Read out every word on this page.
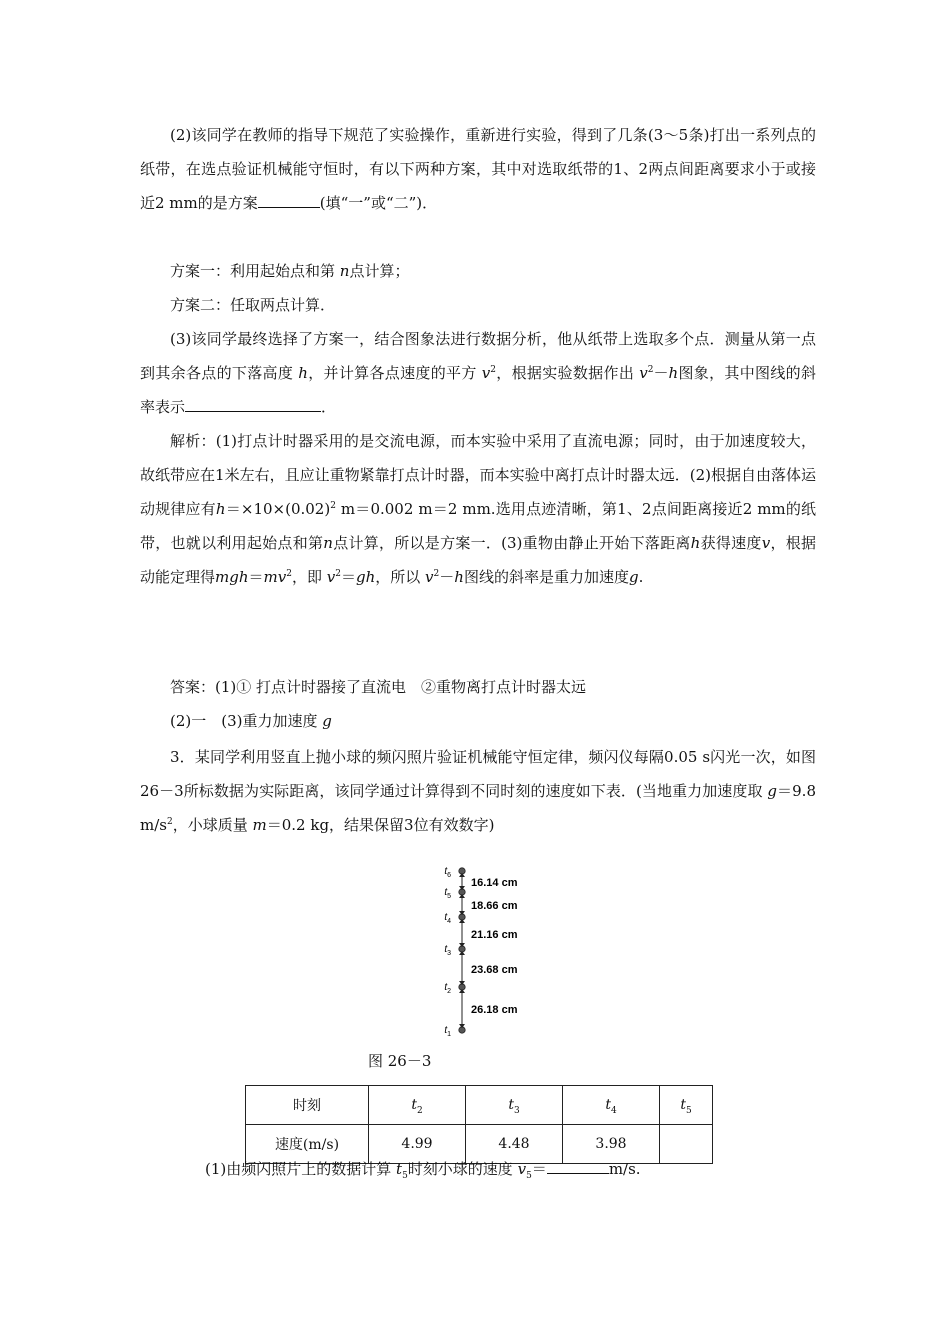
(2)该同学在教师的指导下规范了实验操作，重新进行实验，得到了几条(3～5条)打出一系列点的纸带，在选点验证机械能守恒时，有以下两种方案，其中对选取纸带的1、2两点间距离要求小于或接近2 mm的是方案	(填“一”或“二”)．

方案一：利用起始点和第 n点计算；

方案二：任取两点计算．

(3)该同学最终选择了方案一，结合图象法进行数据分析，他从纸带上选取多个点．测量从第一点到其余各点的下落高度 h，并计算各点速度的平方 $v^2$，根据实验数据作出 $v^2-h$图象，其中图线的斜率表示	．

解析：(1)打点计时器采用的是交流电源，而本实验中采用了直流电源；同时，由于加速度较大，故纸带应在1米左右，且应让重物紧靠打点计时器，而本实验中离打点计时器太远．(2)根据自由落体运动规律应有$h=\times 10\times(0.02)^2$ m＝0.002 m＝2 mm.选用点迹清晰，第1、2点间距离接近2 mm的纸带，也就以利用起始点和第n点计算，所以是方案一．(3)重物由静止开始下落距离h获得速度v，根据动能定理得$mgh=mv^2$，即 $v^2=gh$，所以 $v^2-h$图线的斜率是重力加速度g.

答案：(1)① 打点计时器接了直流电　②重物离打点计时器太远

(2)一　(3)重力加速度 g

3．某同学利用竖直上抛小球的频闪照片验证机械能守恒定律，频闪仪每隔0.05 s闪光一次，如图26－3所标数据为实际距离，该同学通过计算得到不同时刻的速度如下表．(当地重力加速度取 g＝9.8 $m/s^2$，小球质量 m＝0.2 kg，结果保留3位有效数字)

$t_6$
$t_5$
$t_4$
$t_3$
$t_2$
$t_1$
16.14 cm
18.66 cm
21.16 cm
23.68 cm
26.18 cm
图 26－3
时刻	$t_2$	$t_3$	$t_4$	$t_5$
速度(m/s)	4.99	4.48	3.98	
(1)由频闪照片上的数据计算 $t_5$时刻小球的速度 $v_5=$	m/s.
